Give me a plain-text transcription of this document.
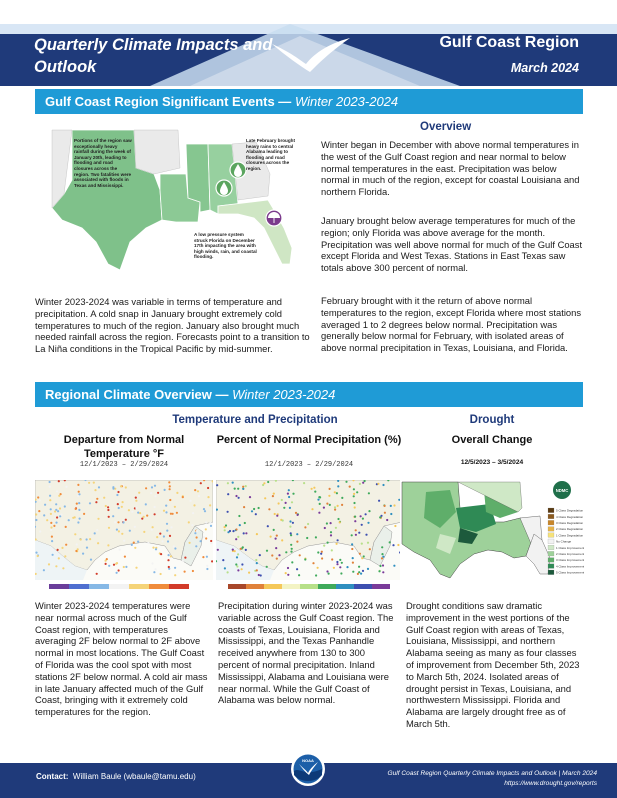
Quarterly Climate Impacts and Outlook
Gulf Coast Region
March 2024
Gulf Coast Region Significant Events — Winter 2023-2024
Portions of the region saw exceptionally heavy rainfall during the week of January 20th, leading to flooding and road closures across the region. Two fatalities were associated with floods in Texas and Mississippi.
Late February brought heavy rains to central Alabama leading to flooding and road closures across the region.
A low pressure system struck Florida on December 17th impacting the area with high winds, rain, and coastal flooding.
Winter 2023-2024 was variable in terms of temperature and precipitation. A cold snap in January brought extremely cold temperatures to much of the region. January also brought much needed rainfall across the region. Forecasts point to a transition to La Niña conditions in the Tropical Pacific by mid-summer.
Overview
Winter began in December with above normal temperatures in the west of the Gulf Coast region and near normal to below normal temperatures in the east. Precipitation was below normal in much of the region, except for coastal Louisiana and northern Florida.
January brought below average temperatures for much of the region; only Florida was above average for the month. Precipitation was well above normal for much of the Gulf Coast except Florida and West Texas. Stations in East Texas saw totals above 300 percent of normal.
February brought with it the return of above normal temperatures to the region, except Florida where most stations averaged 1 to 2 degrees below normal. Precipitation was generally below normal for February, with isolated areas of above normal precipitation in Texas, Louisiana, and Florida.
Regional Climate Overview — Winter 2023-2024
Temperature and Precipitation	Drought
Departure from Normal Temperature °F
12/1/2023 – 2/29/2024
Percent of Normal Precipitation (%)
12/1/2023 – 2/29/2024
Overall Change
12/5/2023 – 3/5/2024
NDMC
5 Class Degradation
4 Class Degradation
3 Class Degradation
2 Class Degradation
1 Class Degradation
No Change
1 Class Improvement
2 Class Improvement
3 Class Improvement
4 Class Improvement
5 Class Improvement
Winter 2023-2024 temperatures were near normal across much of the Gulf Coast region, with temperatures averaging 2F below normal to 2F above normal in most locations. The Gulf Coast of Florida was the cool spot with most stations 2F below normal. A cold air mass in late January affected much of the Gulf Coast, bringing with it extremely cold temperatures for the region.
Precipitation during winter 2023-2024 was variable across the Gulf Coast region. The coasts of Texas, Louisiana, Florida and Mississippi, and the Texas Panhandle received anywhere from 130 to 300 percent of normal precipitation. Inland Mississippi, Alabama and Louisiana were near normal. While the Gulf Coast of Alabama was below normal.
Drought conditions saw dramatic improvement in the west portions of the Gulf Coast region with areas of Texas, Louisiana, Mississippi, and northern Alabama seeing as many as four classes of improvement from December 5th, 2023 to March 5th, 2024. Isolated areas of drought persist in Texas, Louisiana, and northwestern Mississippi. Florida and Alabama are largely drought free as of March 5th.
Contact: William Baule (wbaule@tamu.edu)	Gulf Coast Region Quarterly Climate Impacts and Outlook | March 2024
https://www.drought.gov/reports
NOAA
